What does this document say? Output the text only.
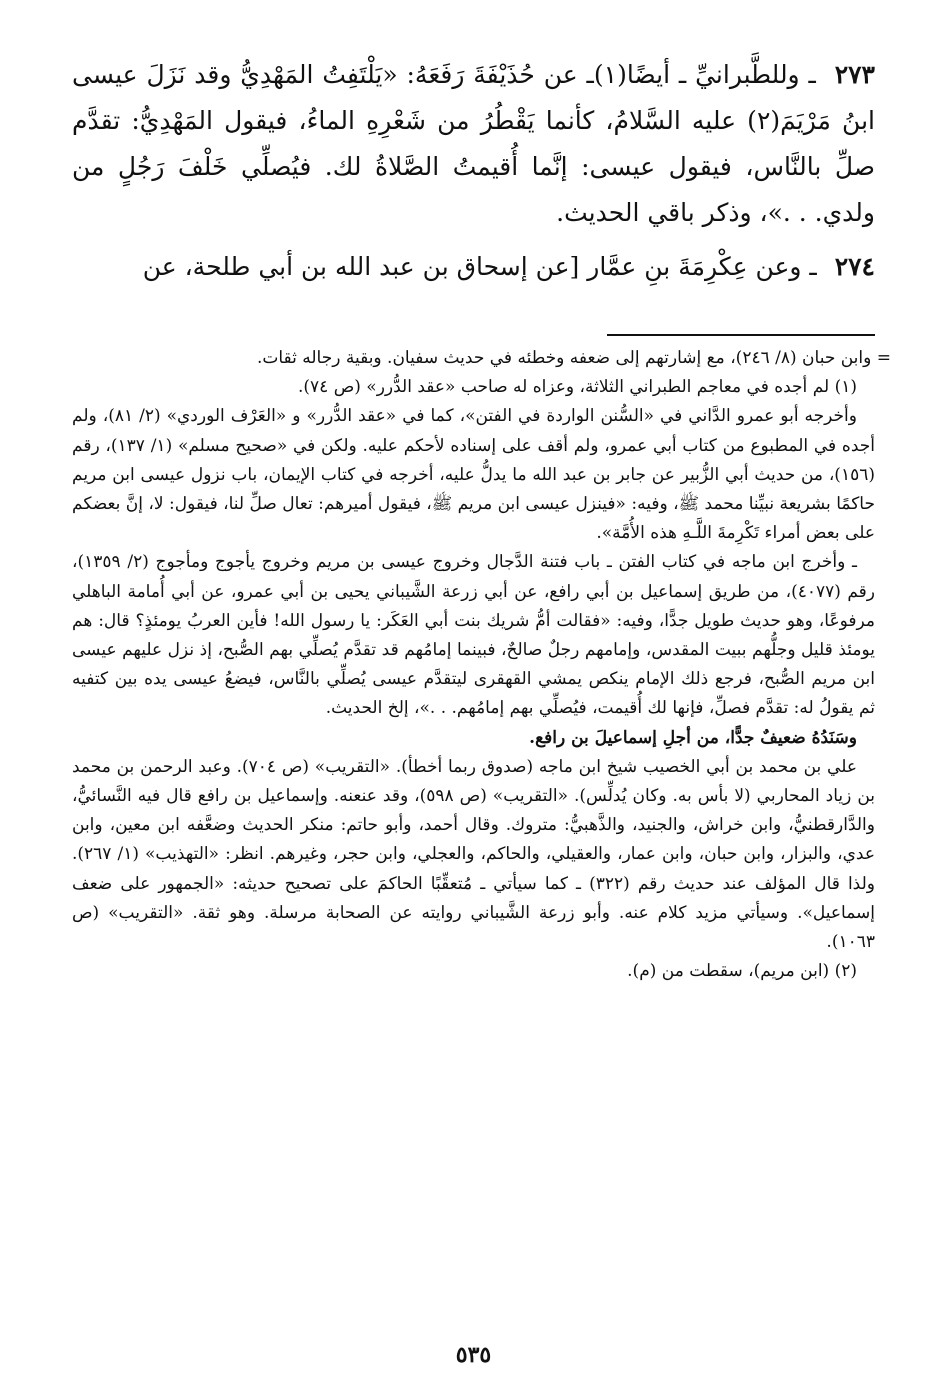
٢٧٣ ـ وللطَّبرانيِّ ـ أيضًا(١)ـ عن حُذَيْفَةَ رَفَعَهُ: «يَلْتَفِتُ المَهْدِيُّ وقد نَزَلَ عيسى ابنُ مَرْيَمَ(٢) عليه السَّلامُ، كأنما يَقْطُرُ من شَعْرِهِ الماءُ، فيقول المَهْدِيُّ: تقدَّم صلِّ بالنَّاس، فيقول عيسى: إنَّما أُقيمتُ الصَّلاةُ لك. فيُصلِّي خَلْفَ رَجُلٍ من ولدي. . .»، وذكر باقي الحديث.

٢٧٤ ـ وعن عِكْرِمَةَ بنِ عمَّار [عن إسحاق بن عبد الله بن أبي طلحة، عن

= وابن حبان (٨/ ٢٤٦)، مع إشارتهم إلى ضعفه وخطئه في حديث سفيان. وبقية رجاله ثقات.

(١) لم أجده في معاجم الطبراني الثلاثة، وعزاه له صاحب «عقد الدُّرر» (ص ٧٤).

وأخرجه أبو عمرو الدَّاني في «السُّنن الواردة في الفتن»، كما في «عقد الدُّرر» و «العَرْف الوردي» (٢/ ٨١)، ولم أجده في المطبوع من كتاب أبي عمرو، ولم أقف على إسناده لأحكم عليه. ولكن في «صحيح مسلم» (١/ ١٣٧)، رقم (١٥٦)، من حديث أبي الزُّبير عن جابر بن عبد الله ما يدلُّ عليه، أخرجه في كتاب الإيمان، باب نزول عيسى ابن مريم حاكمًا بشريعة نبيِّنا محمد ﷺ، وفيه: «فينزل عيسى ابن مريم ﷺ، فيقول أميرهم: تعال صلِّ لنا، فيقول: لا، إنَّ بعضكم على بعض أمراء تَكْرِمةَ اللَّـهِ هذه الأُمَّة».

ـ وأخرج ابن ماجه في كتاب الفتن ـ باب فتنة الدَّجال وخروج عيسى بن مريم وخروج يأجوج ومأجوج (٢/ ١٣٥٩)، رقم (٤٠٧٧)، من طريق إسماعيل بن أبي رافع، عن أبي زرعة الشَّيباني يحيى بن أبي عمرو، عن أبي أُمامة الباهلي مرفوعًا، وهو حديث طويل جدًّا، وفيه: «فقالت أمُّ شريك بنت أبي العَكَر: يا رسول الله! فأين العربُ يومئذٍ؟ قال: هم يومئذ قليل وجلُّهم ببيت المقدس، وإمامهم رجلٌ صالحٌ، فبينما إمامُهم قد تقدَّم يُصلِّي بهم الصُّبح، إذ نزل عليهم عيسى ابن مريم الصُّبح، فرجع ذلك الإمام ينكص يمشي القهقرى ليتقدَّم عيسى يُصلِّي بالنَّاس، فيضعُ عيسى يده بين كتفيه ثم يقولُ له: تقدَّم فصلِّ، فإنها لك أُقيمت، فيُصلِّي بهم إمامُهم. . .»، إلخ الحديث.

وسَنَدُهُ ضعيفٌ جدًّا، من أجلِ إسماعيلَ بن رافع.

علي بن محمد بن أبي الخصيب شيخ ابن ماجه (صدوق ربما أخطأ). «التقريب» (ص ٧٠٤). وعبد الرحمن بن محمد بن زياد المحاربي (لا بأس به. وكان يُدلِّس). «التقريب» (ص ٥٩٨)، وقد عنعنه. وإسماعيل بن رافع قال فيه النَّسائيُّ، والدَّارقطنيُّ، وابن خراش، والجنيد، والذَّهبيُّ: متروك. وقال أحمد، وأبو حاتم: منكر الحديث وضعَّفه ابن معين، وابن عدي، والبزار، وابن حبان، وابن عمار، والعقيلي، والحاكم، والعجلي، وابن حجر، وغيرهم. انظر: «التهذيب» (١/ ٢٦٧). ولذا قال المؤلف عند حديث رقم (٣٢٢) ـ كما سيأتي ـ مُتعقِّبًا الحاكمَ على تصحيح حديثه: «الجمهور على ضعف إسماعيل». وسيأتي مزيد كلام عنه. وأبو زرعة الشَّيباني روايته عن الصحابة مرسلة. وهو ثقة. «التقريب» (ص ١٠٦٣).

(٢) (ابن مريم)، سقطت من (م).

٥٣٥
